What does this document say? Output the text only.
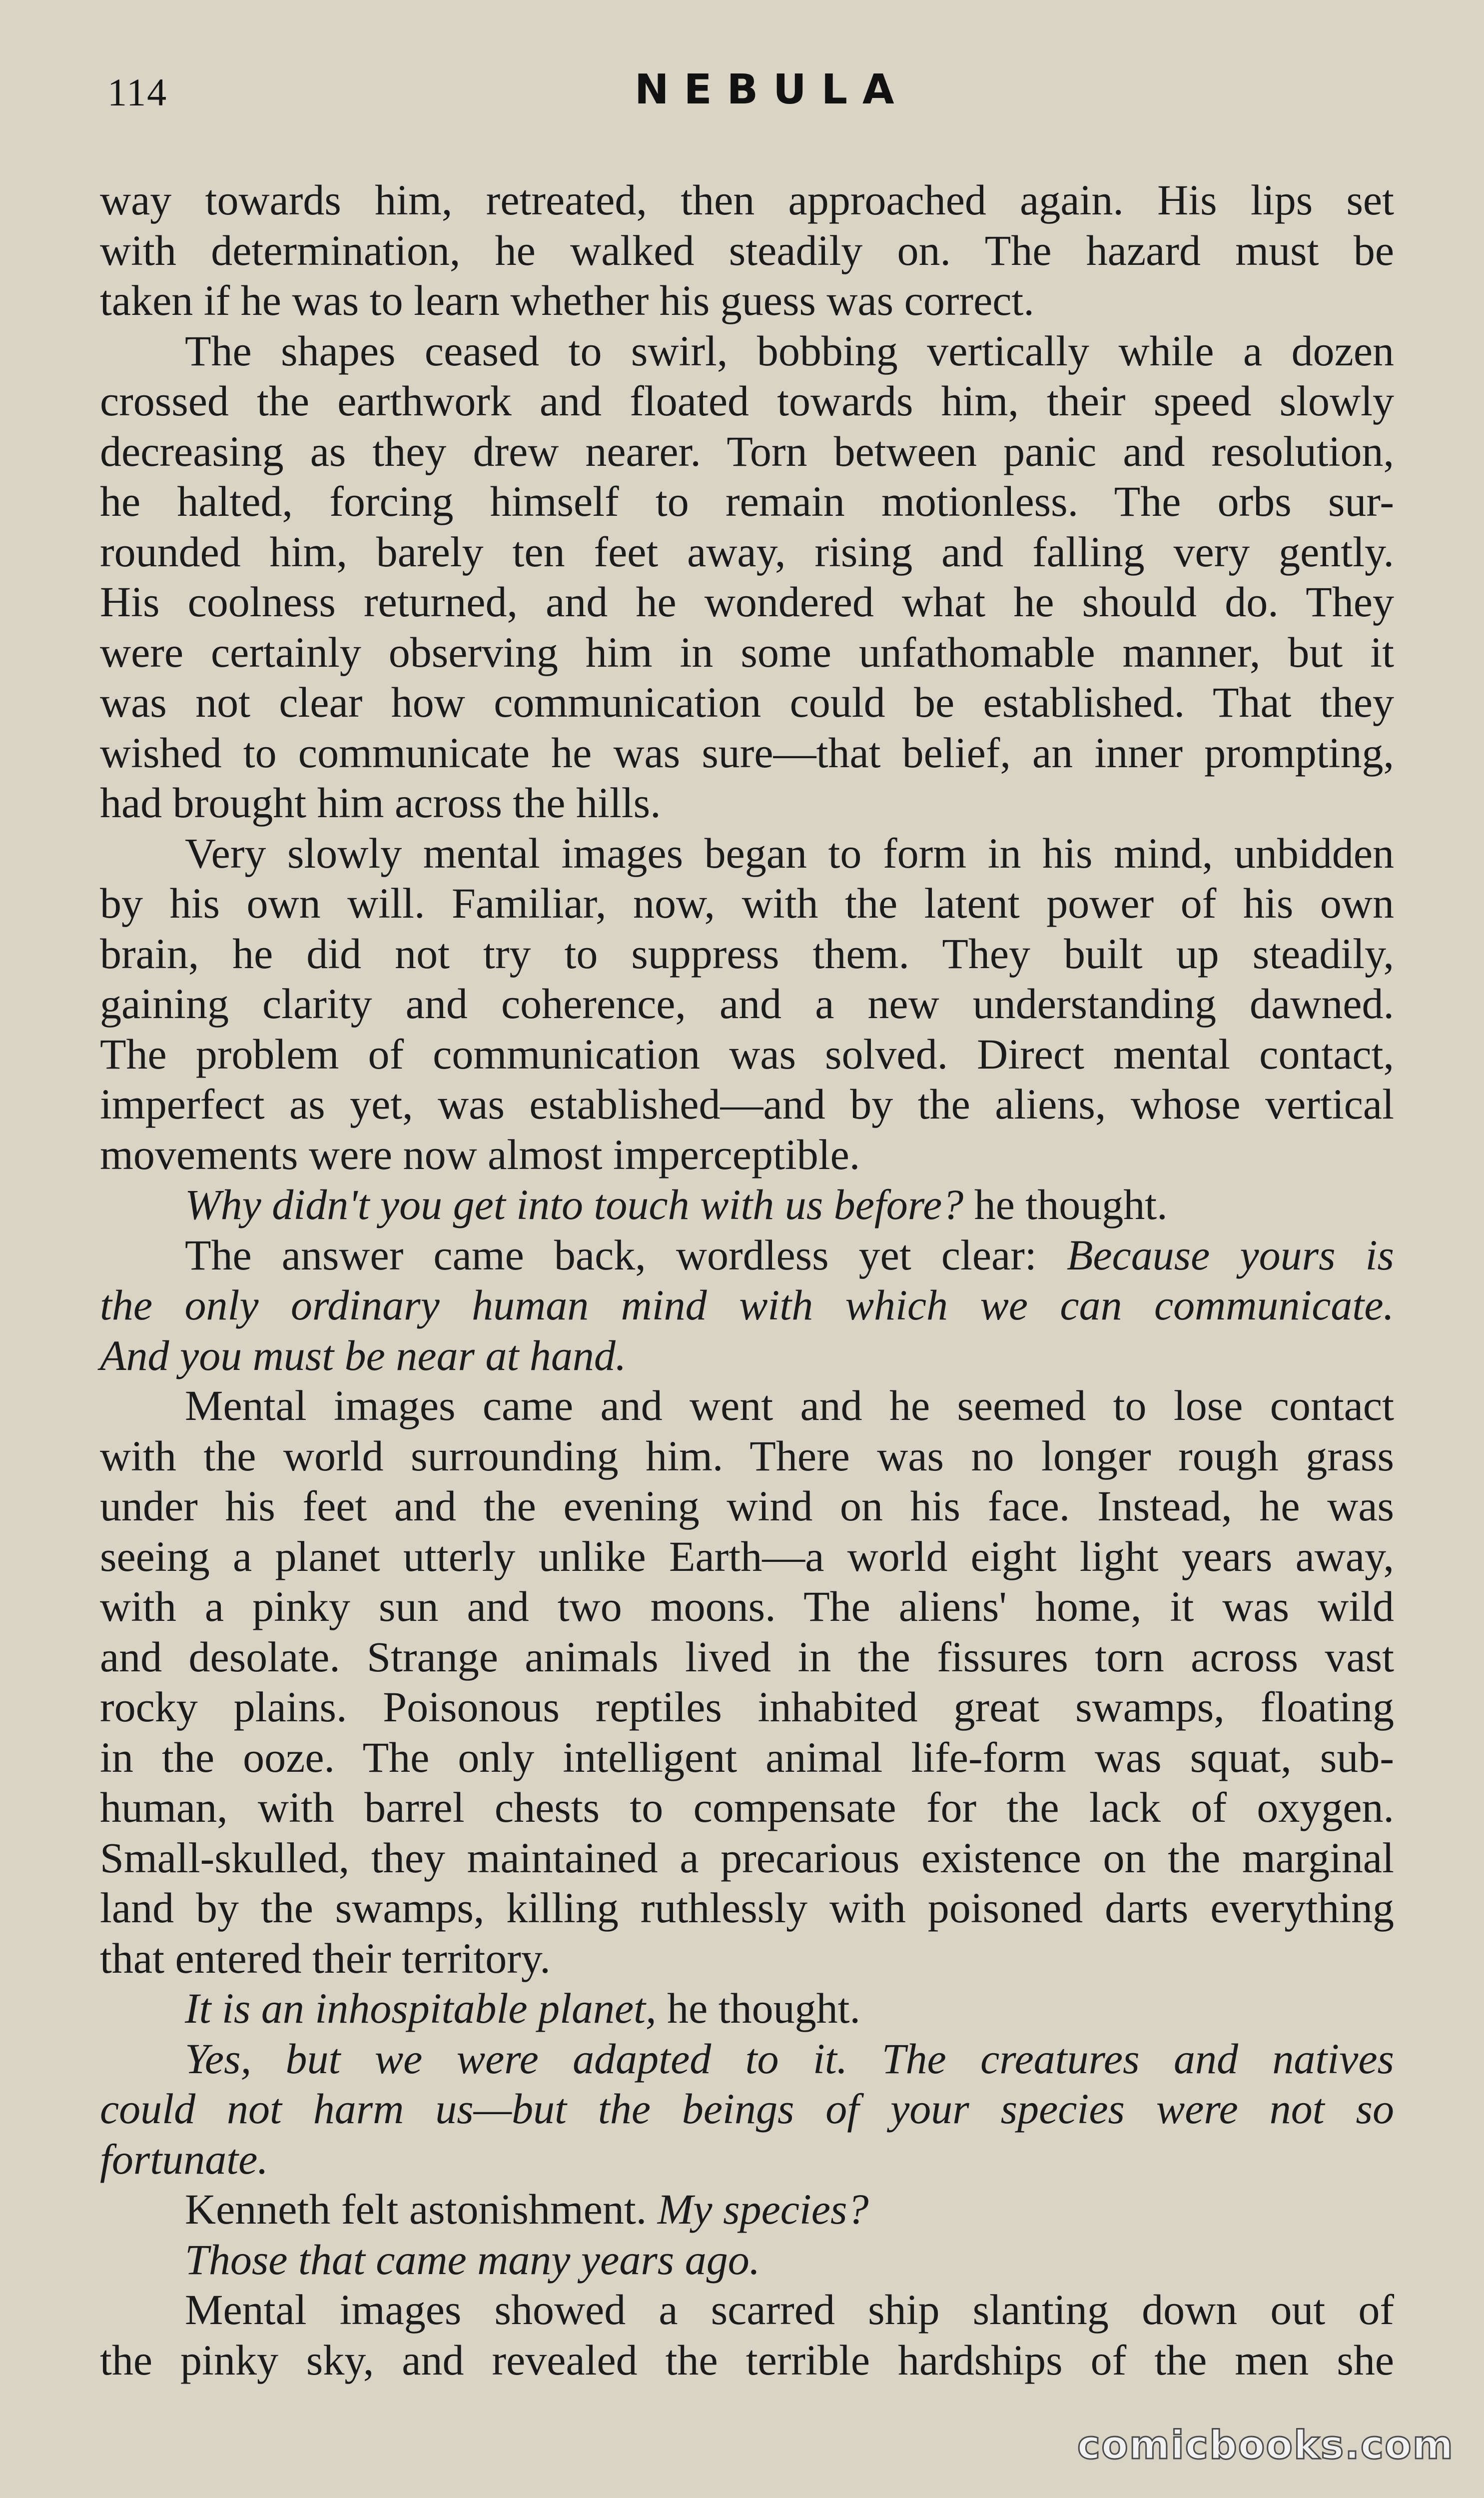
114	NEBULA
way towards him, retreated, then approached again. His lips set
with determination, he walked steadily on. The hazard must be
taken if he was to learn whether his guess was correct.
The shapes ceased to swirl, bobbing vertically while a dozen
crossed the earthwork and floated towards him, their speed slowly
decreasing as they drew nearer. Torn between panic and resolution,
he halted, forcing himself to remain motionless. The orbs sur-
rounded him, barely ten feet away, rising and falling very gently.
His coolness returned, and he wondered what he should do. They
were certainly observing him in some unfathomable manner, but it
was not clear how communication could be established. That they
wished to communicate he was sure—that belief, an inner prompting,
had brought him across the hills.
Very slowly mental images began to form in his mind, unbidden
by his own will. Familiar, now, with the latent power of his own
brain, he did not try to suppress them. They built up steadily,
gaining clarity and coherence, and a new understanding dawned.
The problem of communication was solved. Direct mental contact,
imperfect as yet, was established—and by the aliens, whose vertical
movements were now almost imperceptible.
Why didn't you get into touch with us before? he thought.
The answer came back, wordless yet clear: Because yours is
the only ordinary human mind with which we can communicate.
And you must be near at hand.
Mental images came and went and he seemed to lose contact
with the world surrounding him. There was no longer rough grass
under his feet and the evening wind on his face. Instead, he was
seeing a planet utterly unlike Earth—a world eight light years away,
with a pinky sun and two moons. The aliens' home, it was wild
and desolate. Strange animals lived in the fissures torn across vast
rocky plains. Poisonous reptiles inhabited great swamps, floating
in the ooze. The only intelligent animal life-form was squat, sub-
human, with barrel chests to compensate for the lack of oxygen.
Small-skulled, they maintained a precarious existence on the marginal
land by the swamps, killing ruthlessly with poisoned darts everything
that entered their territory.
It is an inhospitable planet, he thought.
Yes, but we were adapted to it. The creatures and natives
could not harm us—but the beings of your species were not so
fortunate.
Kenneth felt astonishment. My species?
Those that came many years ago.
Mental images showed a scarred ship slanting down out of
the pinky sky, and revealed the terrible hardships of the men she
comicbooks.com
